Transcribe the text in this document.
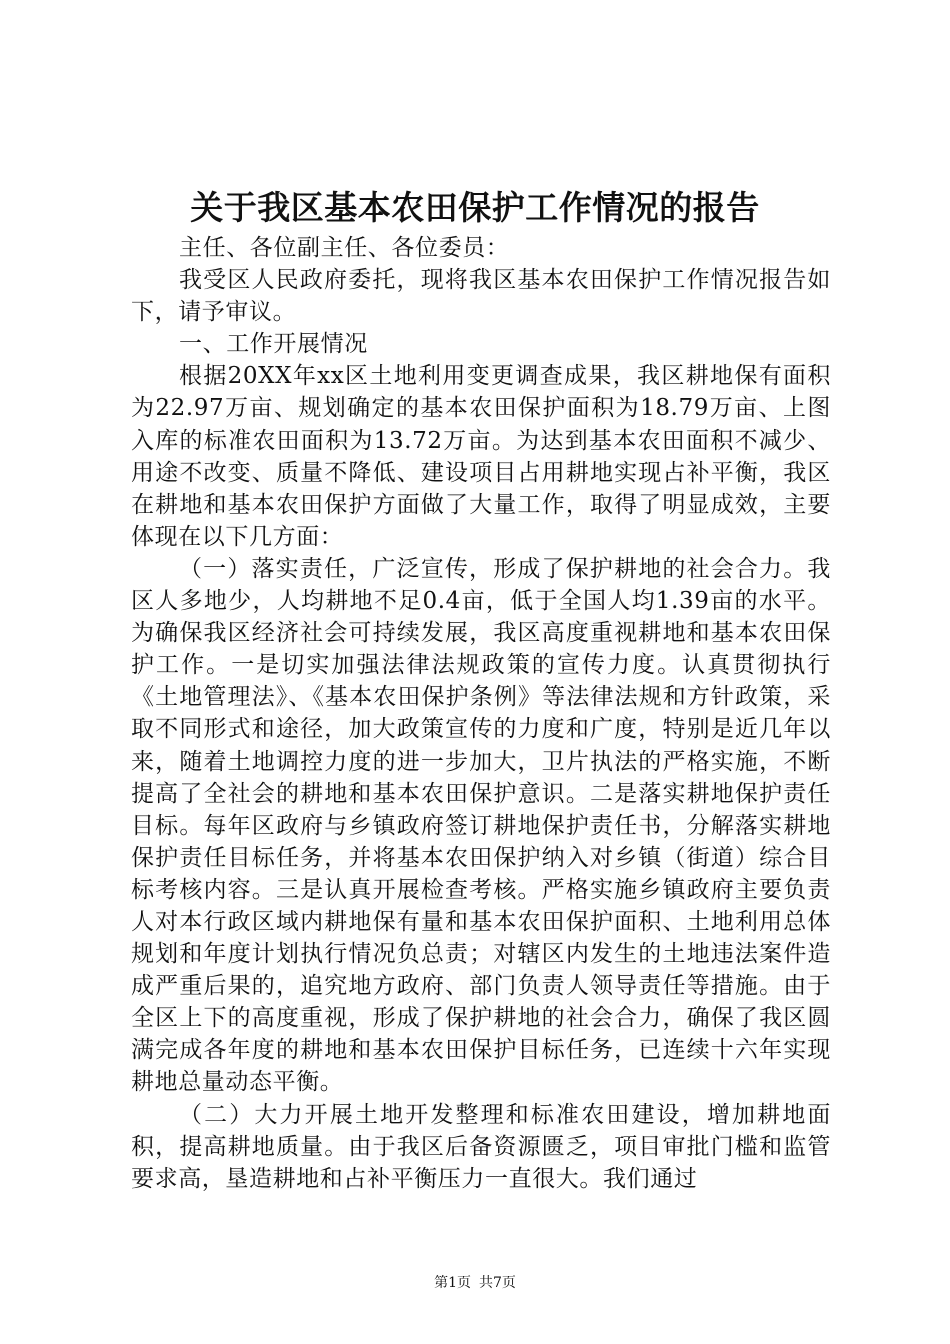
关于我区基本农田保护工作情况的报告

主任、各位副主任、各位委员：

我受区人民政府委托，现将我区基本农田保护工作情况报告如下，请予审议。

一、工作开展情况

根据20XX年xx区土地利用变更调查成果，我区耕地保有面积为22.97万亩、规划确定的基本农田保护面积为18.79万亩、上图入库的标准农田面积为13.72万亩。为达到基本农田面积不减少、用途不改变、质量不降低、建设项目占用耕地实现占补平衡，我区在耕地和基本农田保护方面做了大量工作，取得了明显成效，主要体现在以下几方面：

（一）落实责任，广泛宣传，形成了保护耕地的社会合力。我区人多地少，人均耕地不足0.4亩，低于全国人均1.39亩的水平。为确保我区经济社会可持续发展，我区高度重视耕地和基本农田保护工作。一是切实加强法律法规政策的宣传力度。认真贯彻执行《土地管理法》、《基本农田保护条例》等法律法规和方针政策，采取不同形式和途径，加大政策宣传的力度和广度，特别是近几年以来，随着土地调控力度的进一步加大，卫片执法的严格实施，不断提高了全社会的耕地和基本农田保护意识。二是落实耕地保护责任目标。每年区政府与乡镇政府签订耕地保护责任书，分解落实耕地保护责任目标任务，并将基本农田保护纳入对乡镇（街道）综合目标考核内容。三是认真开展检查考核。严格实施乡镇政府主要负责人对本行政区域内耕地保有量和基本农田保护面积、土地利用总体规划和年度计划执行情况负总责；对辖区内发生的土地违法案件造成严重后果的，追究地方政府、部门负责人领导责任等措施。由于全区上下的高度重视，形成了保护耕地的社会合力，确保了我区圆满完成各年度的耕地和基本农田保护目标任务，已连续十六年实现耕地总量动态平衡。

（二）大力开展土地开发整理和标准农田建设，增加耕地面积，提高耕地质量。由于我区后备资源匮乏，项目审批门槛和监管要求高，垦造耕地和占补平衡压力一直很大。我们通过

第1页 共7页
